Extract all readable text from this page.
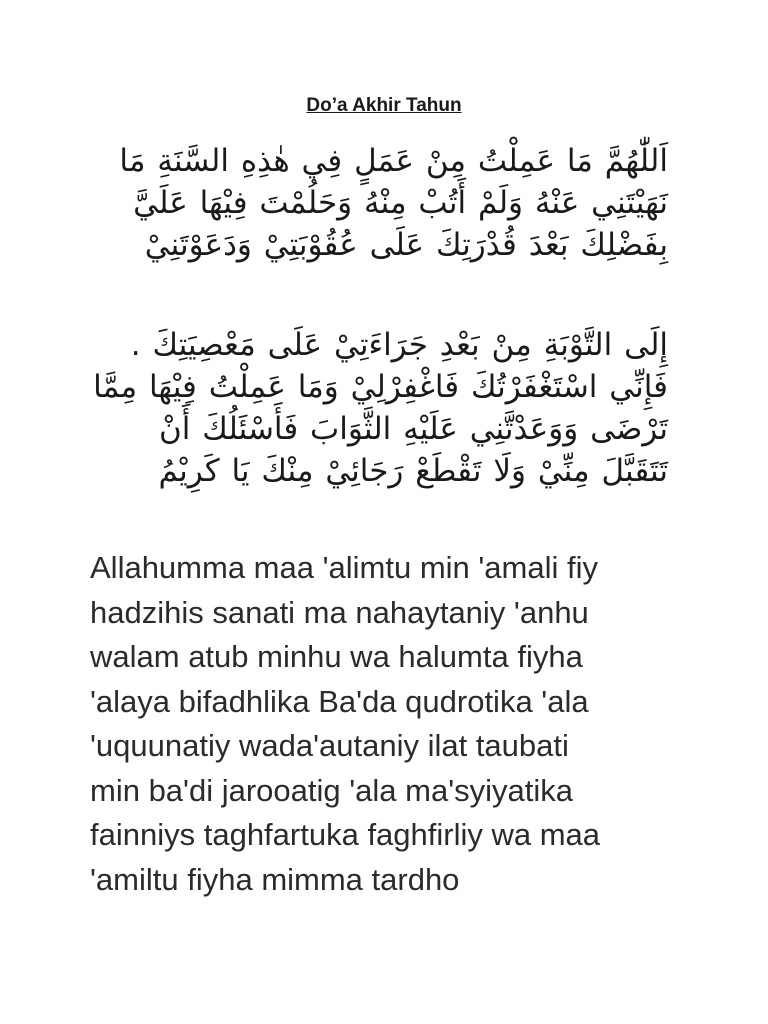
Do’a Akhir Tahun
اَللّٰهُمَّ مَا عَمِلْتُ مِنْ عَمَلٍ فِي هٰذِهِ السَّنَةِ مَا نَهَيْتَنِي عَنْهُ وَلَمْ أَتُبْ مِنْهُ وَحَلُمْتَ فِيْهَا عَلَيَّ بِفَضْلِكَ بَعْدَ قُدْرَتِكَ عَلَى عُقُوْبَتِيْ وَدَعَوْتَنِيْ
إِلَى التَّوْبَةِ مِنْ بَعْدِ جَرَاءَتِيْ عَلَى مَعْصِيَتِكَ . فَإِنِّي اسْتَغْفَرْتُكَ فَاغْفِرْلِيْ وَمَا عَمِلْتُ فِيْهَا مِمَّا تَرْضَى وَوَعَدْتَّنِي عَلَيْهِ الثَّوَابَ فَأَسْئَلُكَ أَنْ تَتَقَبَّلَ مِنِّيْ وَلَا تَقْطَعْ رَجَائِيْ مِنْكَ يَا كَرِيْمُ
Allahumma maa 'alimtu min 'amali fiy
hadzihis sanati ma nahaytaniy 'anhu
walam atub minhu wa halumta fiyha
'alaya bifadhlika Ba'da qudrotika 'ala
'uquunatiy wada'autaniy ilat taubati
min ba'di jarooatig 'ala ma'syiyatika
fainniys taghfartuka faghfirliy wa maa
'amiltu fiyha mimma tardho
